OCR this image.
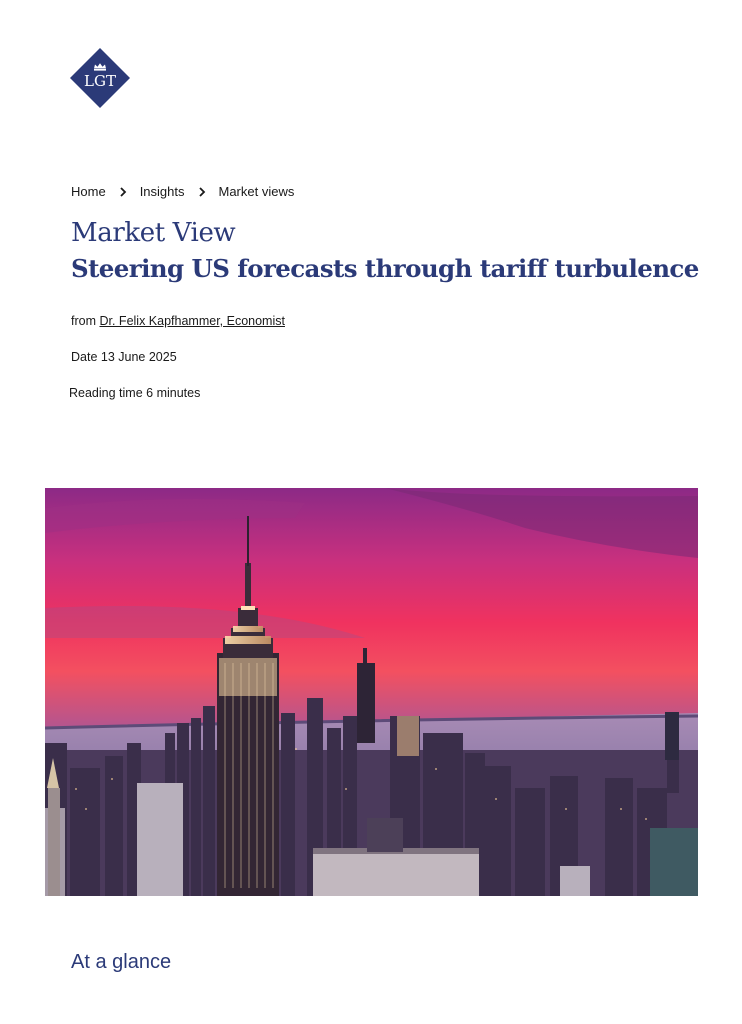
LGT
Home	Insights	Market views
Market View
Steering US forecasts through tariff turbulence
from Dr. Felix Kapfhammer, Economist
Date 13 June 2025
Reading time 6 minutes
At a glance
